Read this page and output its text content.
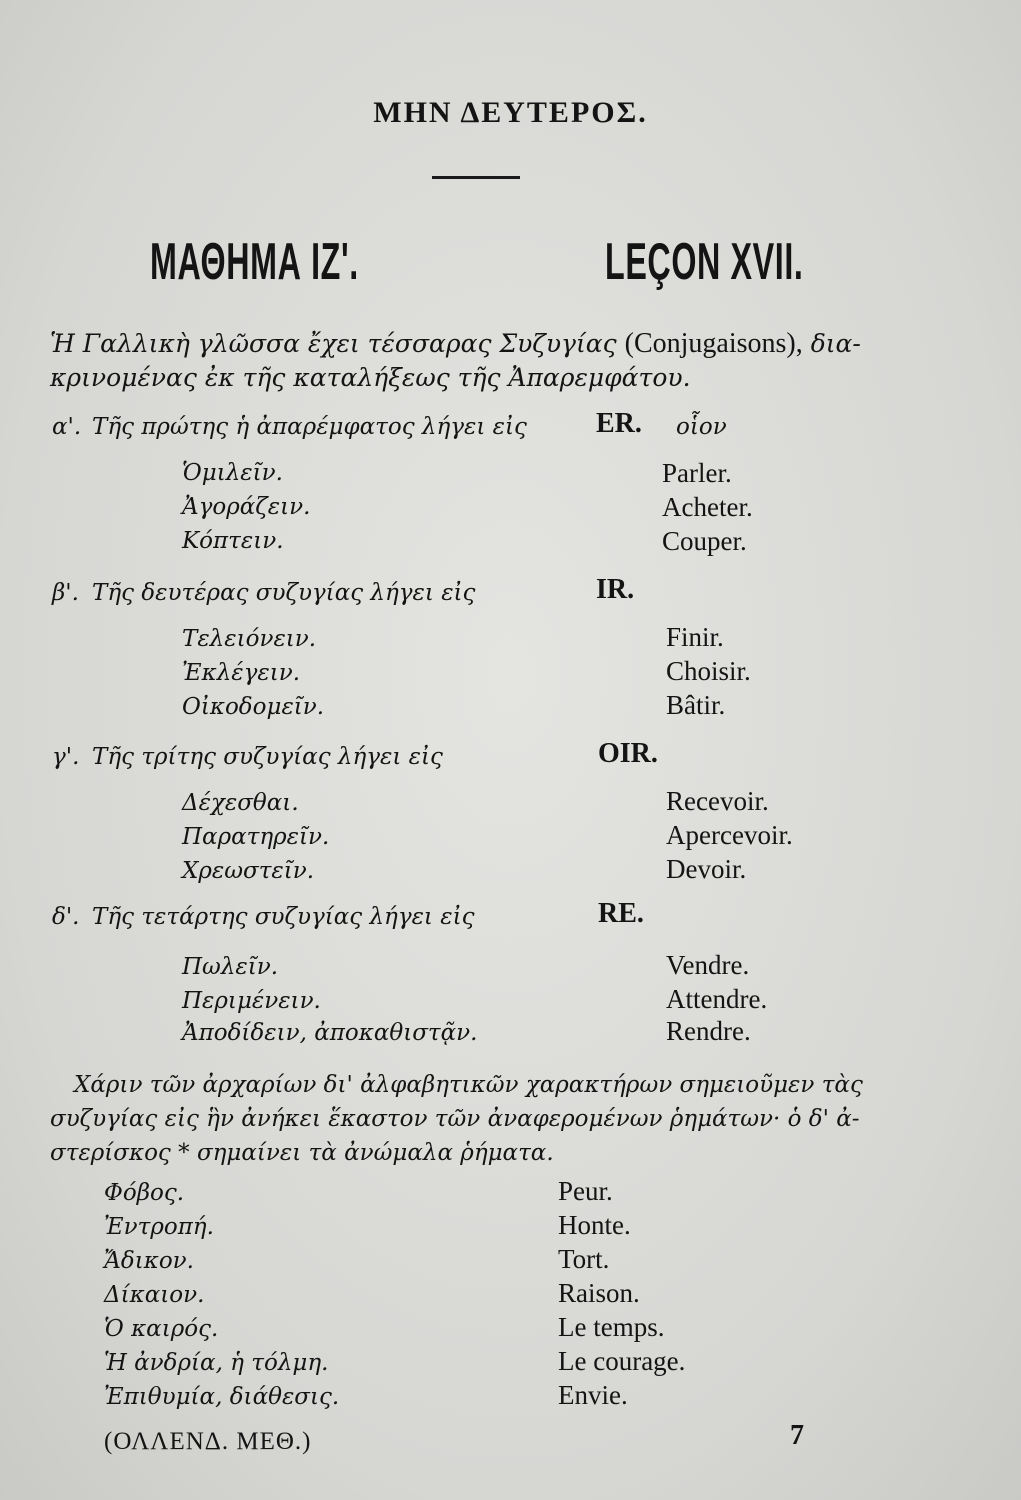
ΜΗΝ ΔΕΥΤΕΡΟΣ.
ΜΑΘΗΜΑ ΙΖ'.	LEÇON XVII.
Ἡ Γαλλικὴ γλῶσσα ἔχει τέσσαρας Συζυγίας (Conjugaisons), δια-
κρινομένας ἐκ τῆς καταλήξεως τῆς Ἀπαρεμφάτου.
α'. Τῆς πρώτης ἡ ἀπαρέμφατος λήγει εἰς ER. οἷον
Ὁμιλεῖν.	Parler.
Ἀγοράζειν.	Acheter.
Κόπτειν.	Couper.
β'. Τῆς δευτέρας συζυγίας λήγει εἰς	IR.
Τελειόνειν.	Finir.
Ἐκλέγειν.	Choisir.
Οἰκοδομεῖν.	Bâtir.
γ'. Τῆς τρίτης συζυγίας λήγει εἰς	OIR.
Δέχεσθαι.	Recevoir.
Παρατηρεῖν.	Apercevoir.
Χρεωστεῖν.	Devoir.
δ'. Τῆς τετάρτης συζυγίας λήγει εἰς	RE.
Πωλεῖν.	Vendre.
Περιμένειν.	Attendre.
Ἀποδίδειν, ἀποκαθιστᾷν.	Rendre.
Χάριν τῶν ἀρχαρίων δι' ἀλφαβητικῶν χαρακτήρων σημειοῦμεν τὰς
συζυγίας εἰς ἣν ἀνήκει ἕκαστον τῶν ἀναφερομένων ῥημάτων· ὁ δ' ἀ-
στερίσκος * σημαίνει τὰ ἀνώμαλα ῥήματα.
Φόβος.	Peur.
Ἐντροπή.	Honte.
Ἄδικον.	Tort.
Δίκαιον.	Raison.
Ὁ καιρός.	Le temps.
Ἡ ἀνδρία, ἡ τόλμη.	Le courage.
Ἐπιθυμία, διάθεσις.	Envie.
(ΟΛΛΕΝΔ. ΜΕΘ.)	7
